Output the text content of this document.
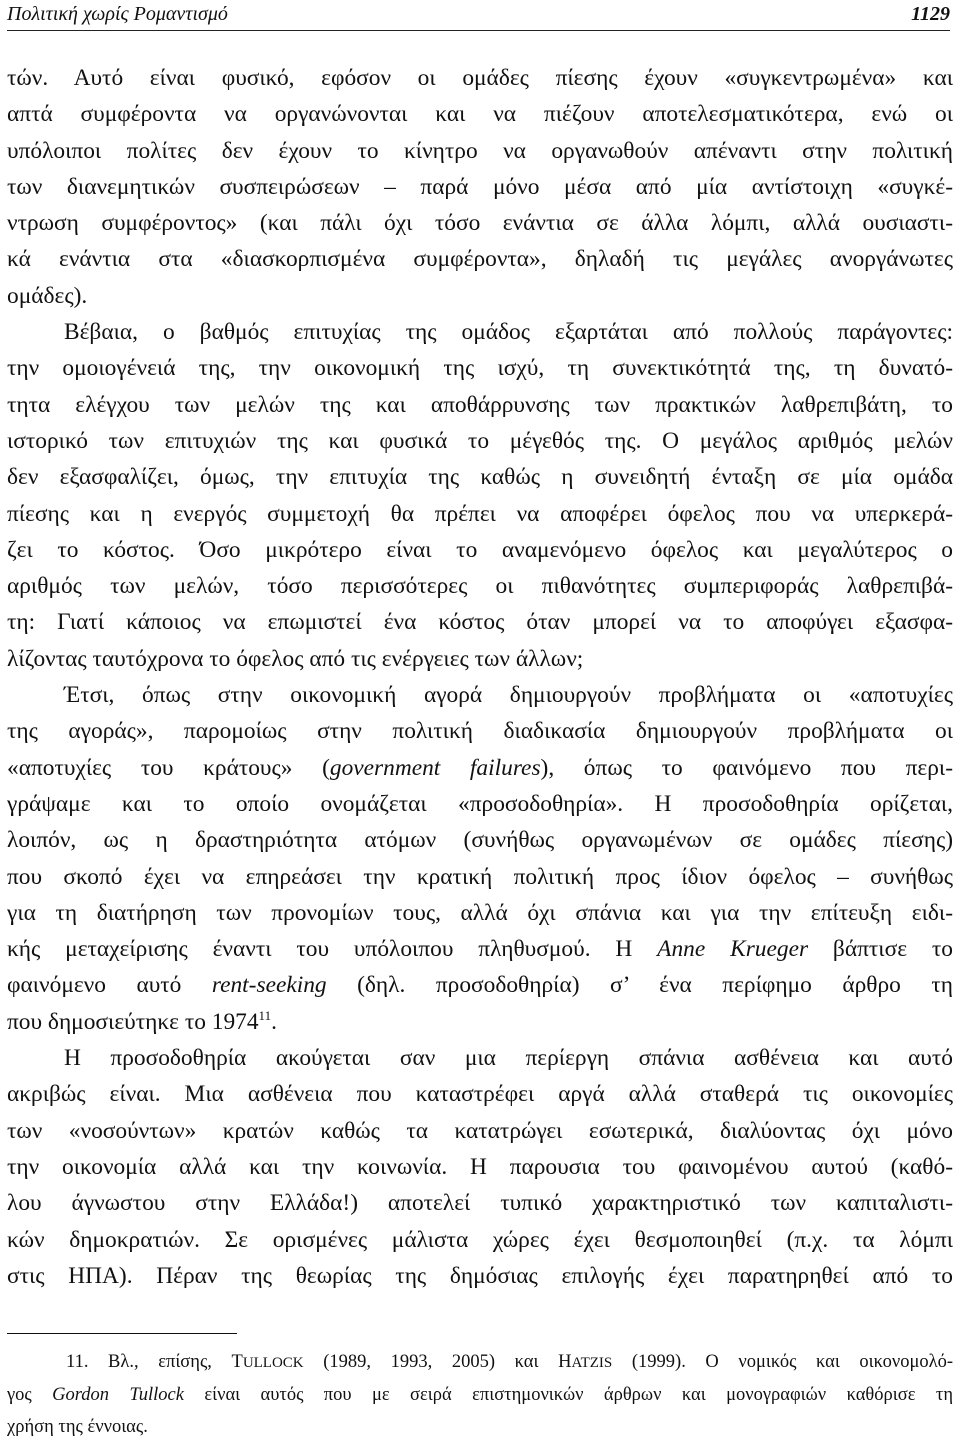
Πολιτική χωρίς Ρομαντισμό	1129
τών. Αυτό είναι φυσικό, εφόσον οι ομάδες πίεσης έχουν «συγκεντρωμένα» και
απτά συμφέροντα να οργανώνονται και να πιέζουν αποτελεσματικότερα, ενώ οι
υπόλοιποι πολίτες δεν έχουν το κίνητρο να οργανωθούν απέναντι στην πολιτική
των διανεμητικών συσπειρώσεων – παρά μόνο μέσα από μία αντίστοιχη «συγκέ-
ντρωση συμφέροντος» (και πάλι όχι τόσο ενάντια σε άλλα λόμπι, αλλά ουσιαστι-
κά ενάντια στα «διασκορπισμένα συμφέροντα», δηλαδή τις μεγάλες ανοργάνωτες
ομάδες).
Βέβαια, ο βαθμός επιτυχίας της ομάδος εξαρτάται από πολλούς παράγοντες:
την ομοιογένειά της, την οικονομική της ισχύ, τη συνεκτικότητά της, τη δυνατό-
τητα ελέγχου των μελών της και αποθάρρυνσης των πρακτικών λαθρεπιβάτη, το
ιστορικό των επιτυχιών της και φυσικά το μέγεθός της. Ο μεγάλος αριθμός μελών
δεν εξασφαλίζει, όμως, την επιτυχία της καθώς η συνειδητή ένταξη σε μία ομάδα
πίεσης και η ενεργός συμμετοχή θα πρέπει να αποφέρει όφελος που να υπερκερά-
ζει το κόστος. Όσο μικρότερο είναι το αναμενόμενο όφελος και μεγαλύτερος ο
αριθμός των μελών, τόσο περισσότερες οι πιθανότητες συμπεριφοράς λαθρεπιβά-
τη: Γιατί κάποιος να επωμιστεί ένα κόστος όταν μπορεί να το αποφύγει εξασφα-
λίζοντας ταυτόχρονα το όφελος από τις ενέργειες των άλλων;
Έτσι, όπως στην οικονομική αγορά δημιουργούν προβλήματα οι «αποτυχίες
της αγοράς», παρομοίως στην πολιτική διαδικασία δημιουργούν προβλήματα οι
«αποτυχίες του κράτους» (government failures), όπως το φαινόμενο που περι-
γράψαμε και το οποίο ονομάζεται «προσοδοθηρία». Η προσοδοθηρία ορίζεται,
λοιπόν, ως η δραστηριότητα ατόμων (συνήθως οργανωμένων σε ομάδες πίεσης)
που σκοπό έχει να επηρεάσει την κρατική πολιτική προς ίδιον όφελος – συνήθως
για τη διατήρηση των προνομίων τους, αλλά όχι σπάνια και για την επίτευξη ειδι-
κής μεταχείρισης έναντι του υπόλοιπου πληθυσμού. Η Anne Krueger βάπτισε το
φαινόμενο αυτό rent-seeking (δηλ. προσοδοθηρία) σ’ ένα περίφημο άρθρο τη
που δημοσιεύτηκε το 1974$^{11}$.
Η προσοδοθηρία ακούγεται σαν μια περίεργη σπάνια ασθένεια και αυτό
ακριβώς είναι. Μια ασθένεια που καταστρέφει αργά αλλά σταθερά τις οικονομίες
των «νοσούντων» κρατών καθώς τα κατατρώγει εσωτερικά, διαλύοντας όχι μόνο
την οικονομία αλλά και την κοινωνία. Η παρουσια του φαινομένου αυτού (καθό-
λου άγνωστου στην Ελλάδα!) αποτελεί τυπικό χαρακτηριστικό των καπιταλιστι-
κών δημοκρατιών. Σε ορισμένες μάλιστα χώρες έχει θεσμοποιηθεί (π.χ. τα λόμπι
στις ΗΠΑ). Πέραν της θεωρίας της δημόσιας επιλογής έχει παρατηρηθεί από το
11. Βλ., επίσης, TULLOCK (1989, 1993, 2005) και HATZIS (1999). Ο νομικός και οικονομολό-
γος Gordon Tullock είναι αυτός που με σειρά επιστημονικών άρθρων και μονογραφιών καθόρισε τη
χρήση της έννοιας.
